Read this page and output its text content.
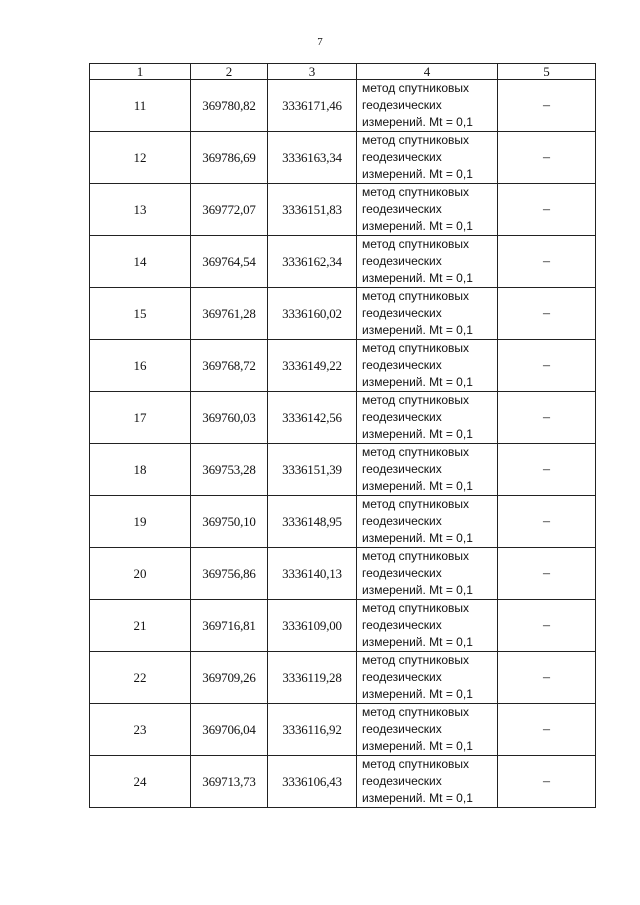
7
1	2	3	4	5
11	369780,82	3336171,46	метод спутниковых
геодезических
измерений. Mt = 0,1	–
12	369786,69	3336163,34	метод спутниковых
геодезических
измерений. Mt = 0,1	–
13	369772,07	3336151,83	метод спутниковых
геодезических
измерений. Mt = 0,1	–
14	369764,54	3336162,34	метод спутниковых
геодезических
измерений. Mt = 0,1	–
15	369761,28	3336160,02	метод спутниковых
геодезических
измерений. Mt = 0,1	–
16	369768,72	3336149,22	метод спутниковых
геодезических
измерений. Mt = 0,1	–
17	369760,03	3336142,56	метод спутниковых
геодезических
измерений. Mt = 0,1	–
18	369753,28	3336151,39	метод спутниковых
геодезических
измерений. Mt = 0,1	–
19	369750,10	3336148,95	метод спутниковых
геодезических
измерений. Mt = 0,1	–
20	369756,86	3336140,13	метод спутниковых
геодезических
измерений. Mt = 0,1	–
21	369716,81	3336109,00	метод спутниковых
геодезических
измерений. Mt = 0,1	–
22	369709,26	3336119,28	метод спутниковых
геодезических
измерений. Mt = 0,1	–
23	369706,04	3336116,92	метод спутниковых
геодезических
измерений. Mt = 0,1	–
24	369713,73	3336106,43	метод спутниковых
геодезических
измерений. Mt = 0,1	–
